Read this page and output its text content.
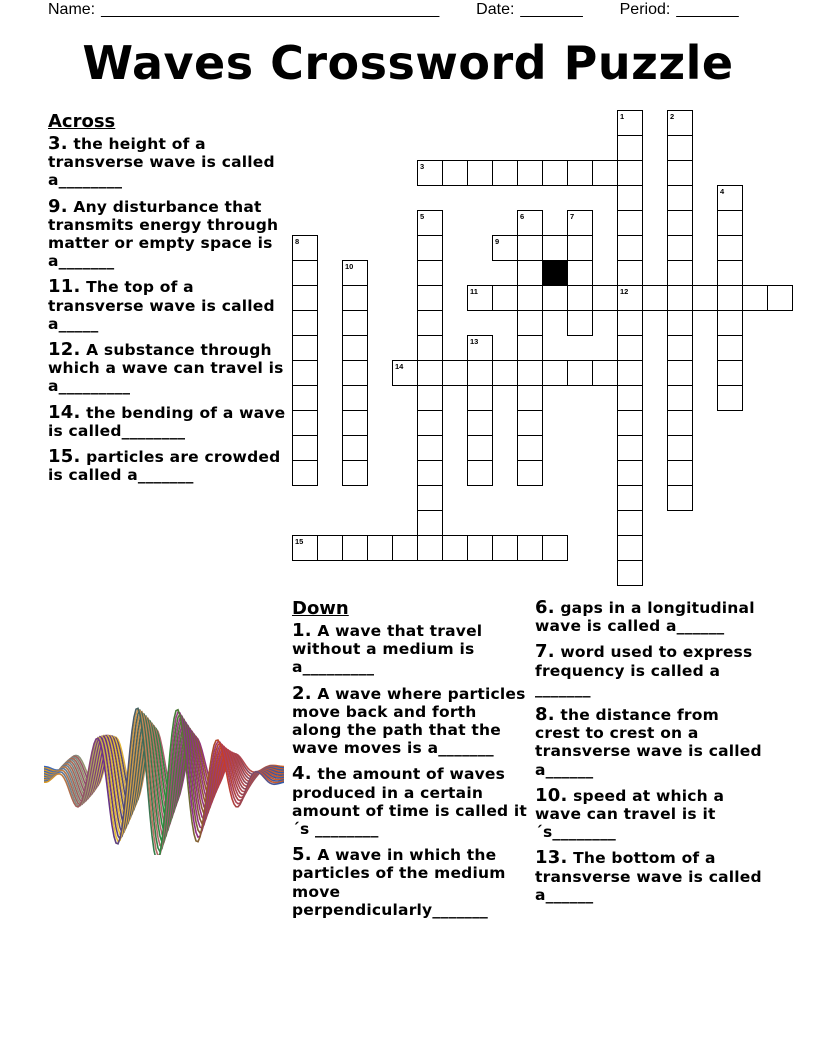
Name: ______________________________________ Date: _______ Period: _______
Waves Crossword Puzzle
Across
3. the height of a transverse wave is called a________
9. Any disturbance that transmits energy through matter or empty space is a_______
11. The top of a transverse wave is called a_____
12. A substance through which a wave can travel is a_________
14. the bending of a wave is called________
15. particles are crowded is called a_______
Down
1. A wave that travel without a medium is a_________
2. A wave where particles move back and forth along the path that the wave moves is a_______
4. the amount of waves produced in a certain amount of time is called it´s ________
5. A wave in which the particles of the medium move perpendicularly_______
6. gaps in a longitudinal wave is called a______
7. word used to express frequency is called a _______
8. the distance from crest to crest on a transverse wave is called a______
10. speed at which a wave can travel is it´s________
13. The bottom of a transverse wave is called a______
3
9
11	12
14
15
1	2
4
5	6	7
8
10
13
